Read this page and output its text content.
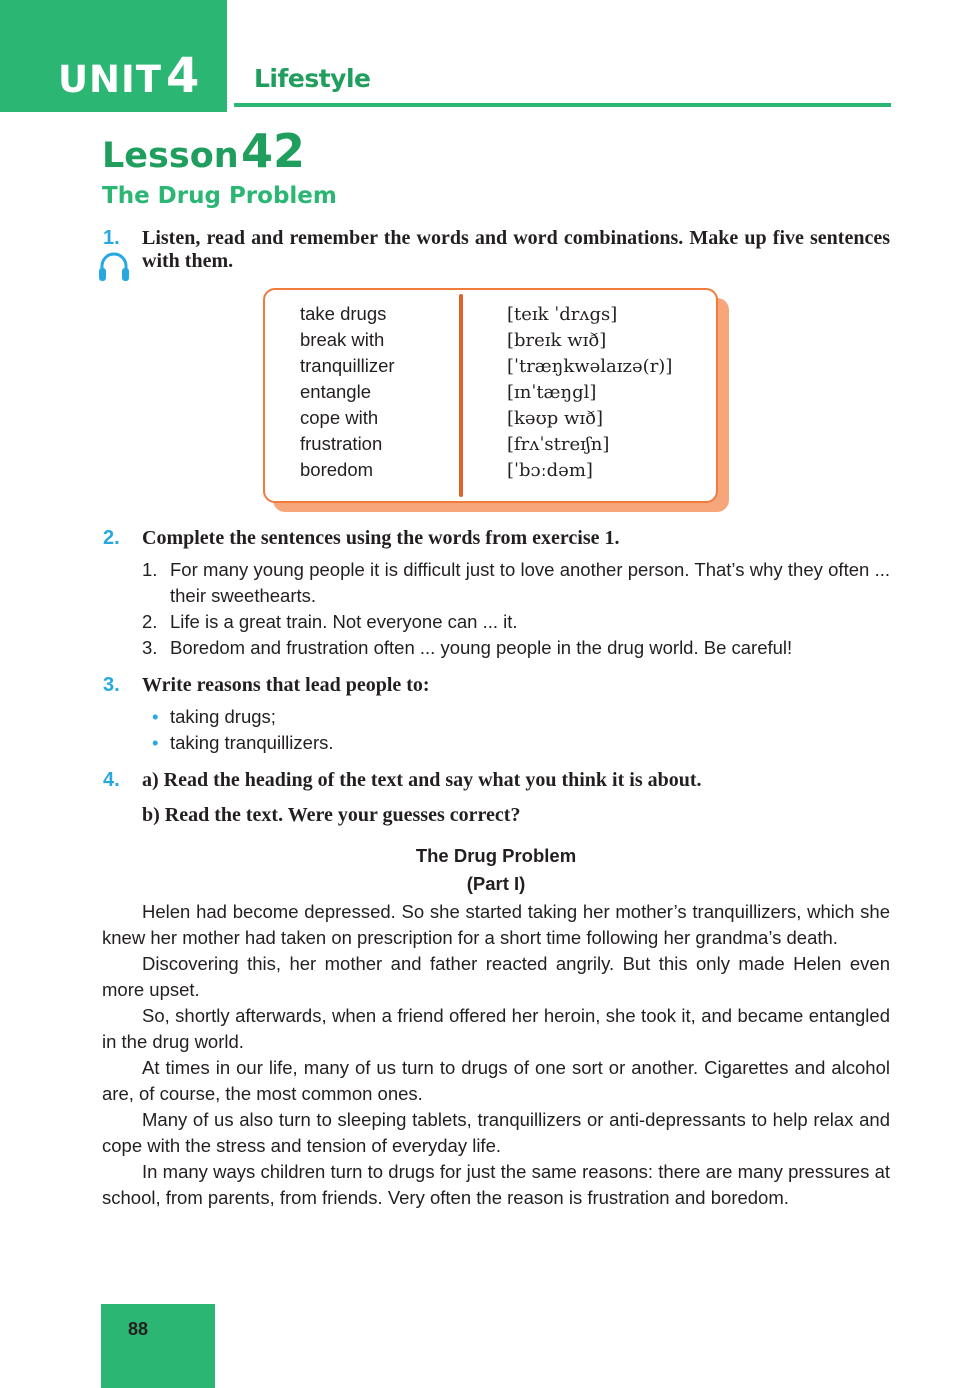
UNIT 4 Lifestyle
Lesson 42
The Drug Problem
1. Listen, read and remember the words and word combinations. Make up five sentences with them.
take drugs
break with
tranquillizer
entangle
cope with
frustration
boredom
[teɪk ˈdrʌgs]
[breɪk wɪð]
[ˈtræŋkwəlaɪzə(r)]
[ɪnˈtæŋgl]
[kəʊp wɪð]
[frʌˈstreɪʃn]
[ˈbɔːdəm]
2. Complete the sentences using the words from exercise 1.
1. For many young people it is difficult just to love another person. That’s why they often ... their sweethearts.
2. Life is a great train. Not everyone can ... it.
3. Boredom and frustration often ... young people in the drug world. Be careful!
3. Write reasons that lead people to:
• taking drugs;
• taking tranquillizers.
4. a) Read the heading of the text and say what you think it is about.
b) Read the text. Were your guesses correct?
The Drug Problem
(Part I)

Helen had become depressed. So she started taking her mother’s tranquillizers, which she knew her mother had taken on prescription for a short time following her grandma’s death.

Discovering this, her mother and father reacted angrily. But this only made Helen even more upset.

So, shortly afterwards, when a friend offered her heroin, she took it, and became entangled in the drug world.

At times in our life, many of us turn to drugs of one sort or another. Cigarettes and alcohol are, of course, the most common ones.

Many of us also turn to sleeping tablets, tranquillizers or anti-depressants to help relax and cope with the stress and tension of everyday life.

In many ways children turn to drugs for just the same reasons: there are many pressures at school, from parents, from friends. Very often the reason is frustration and boredom.

88
